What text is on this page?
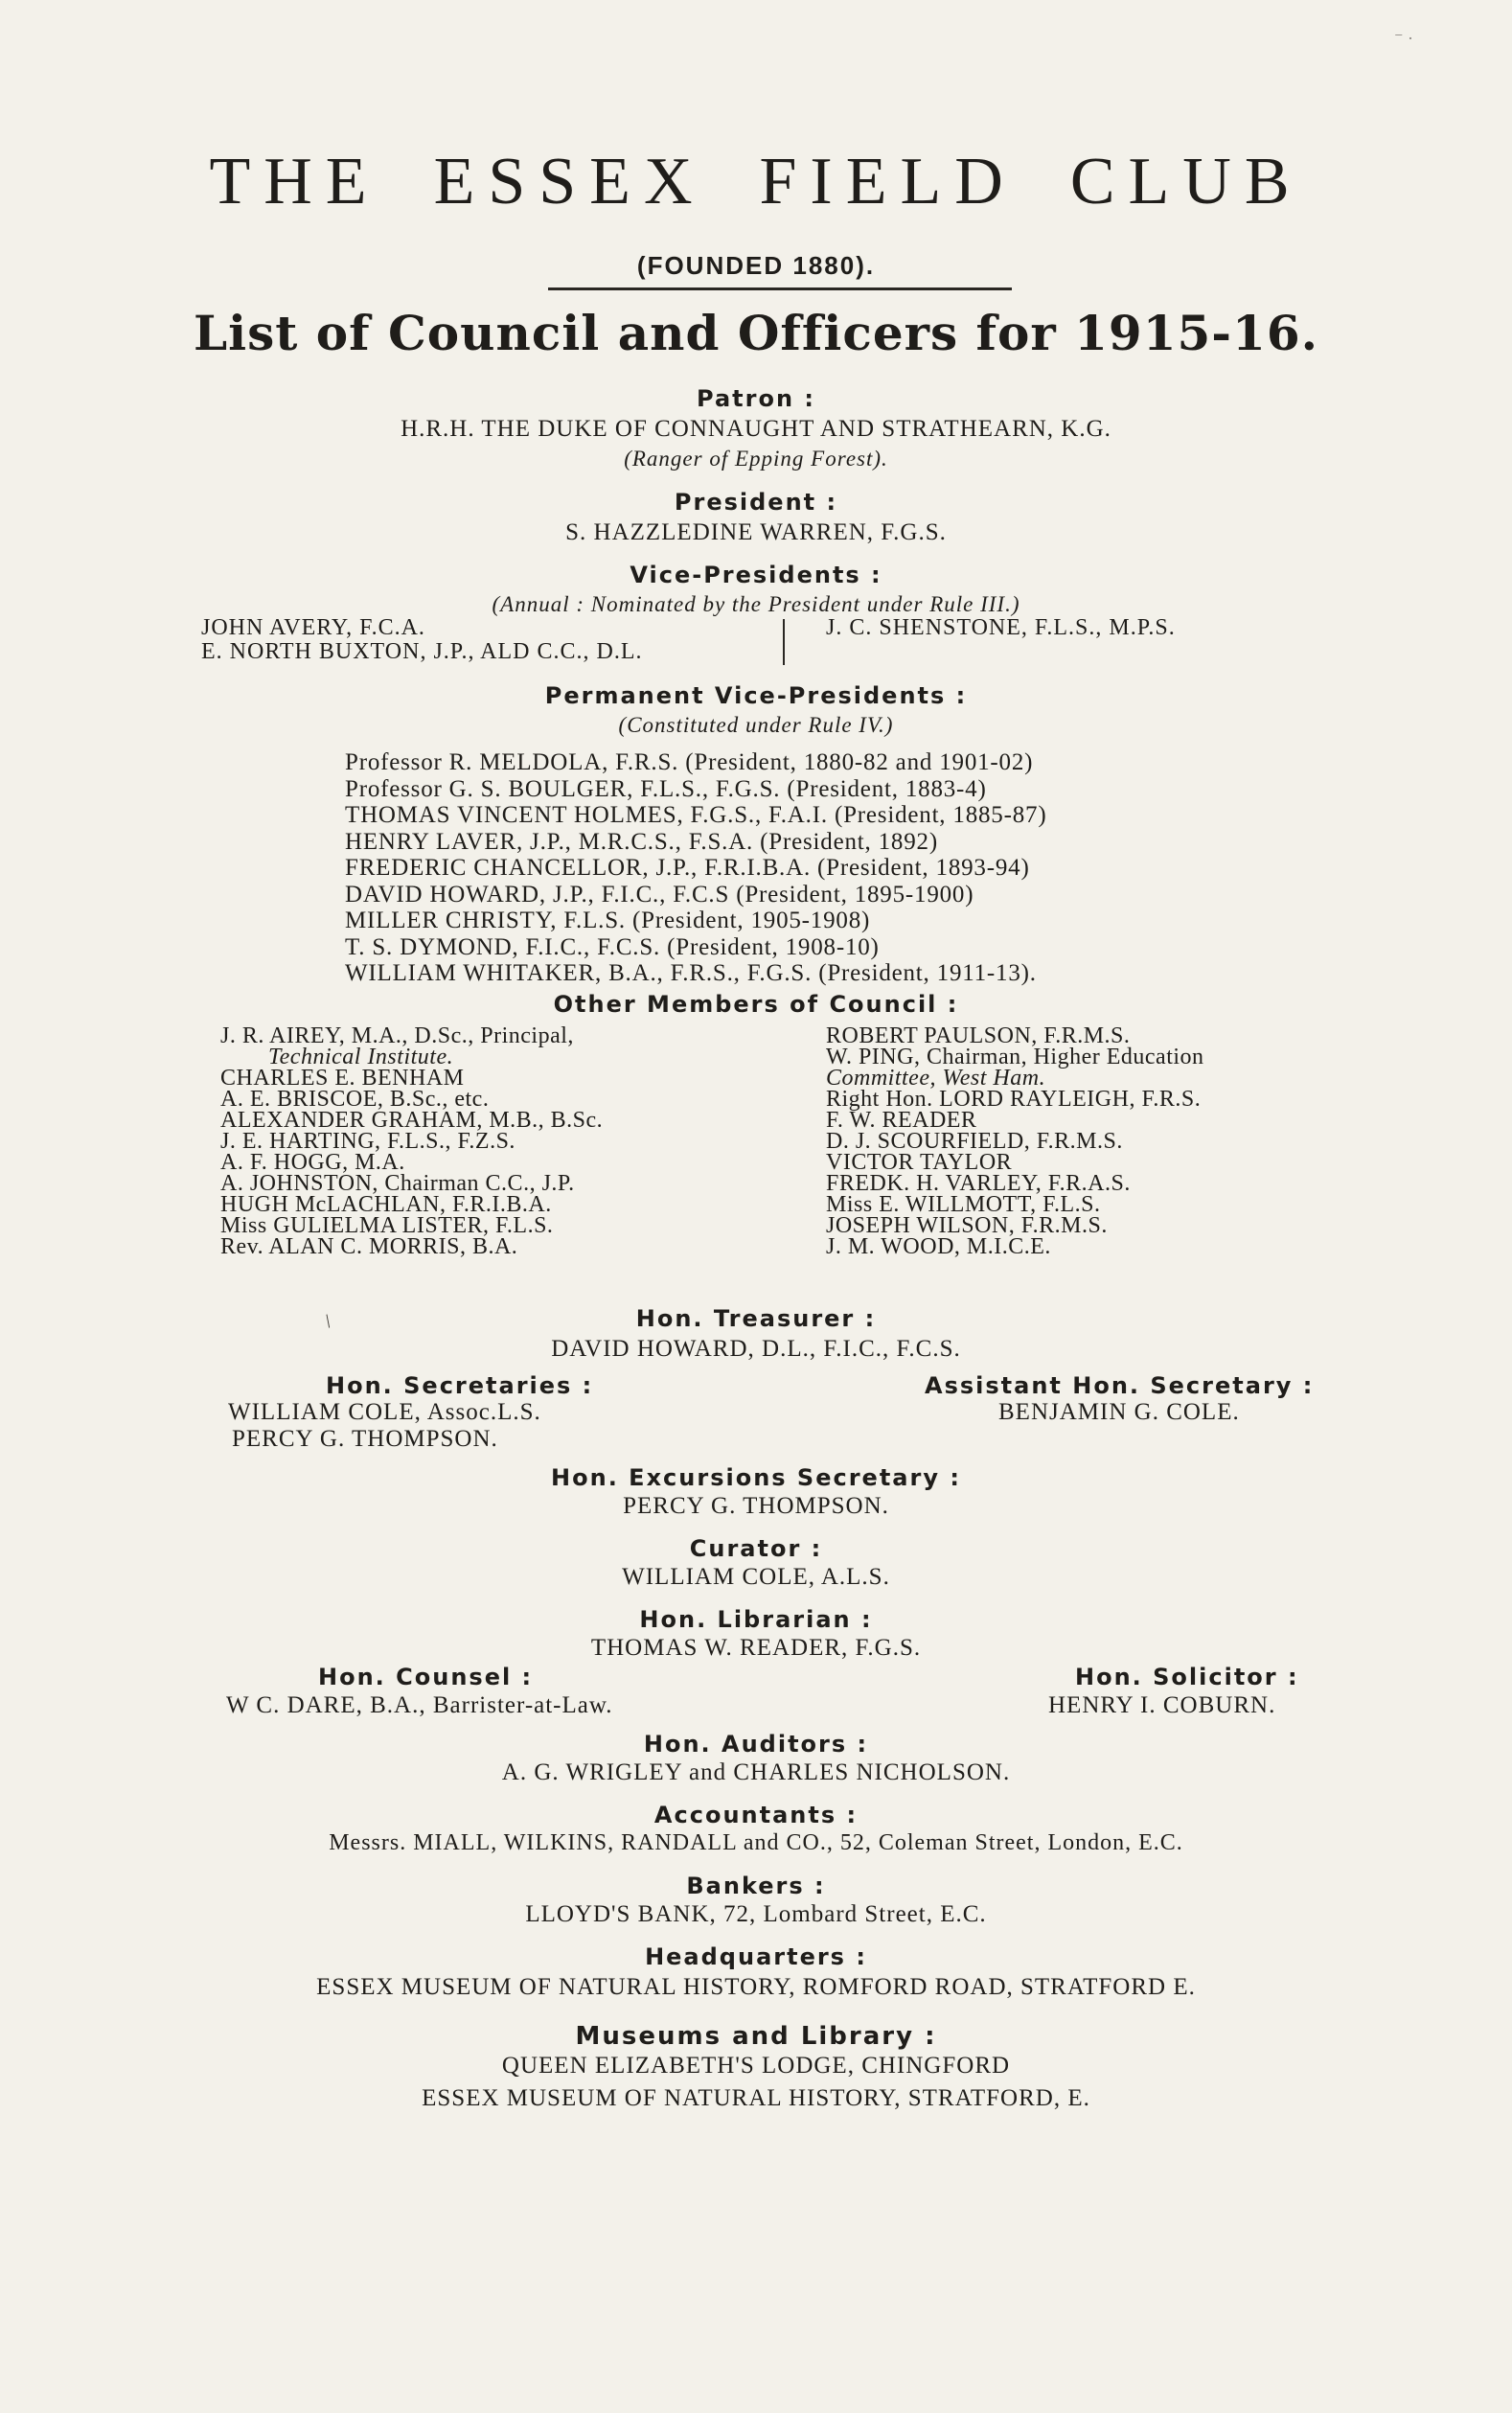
⁻ ·
THE ESSEX FIELD CLUB
(FOUNDED 1880).
List of Council and Officers for 1915-16.
Patron :
H.R.H. THE DUKE OF CONNAUGHT AND STRATHEARN, K.G.
(Ranger of Epping Forest).
President :
S. HAZZLEDINE WARREN, F.G.S.
Vice-Presidents :
(Annual : Nominated by the President under Rule III.)
JOHN AVERY, F.C.A.
E. NORTH BUXTON, J.P., ALD C.C., D.L.
J. C. SHENSTONE, F.L.S., M.P.S.
Permanent Vice-Presidents :
(Constituted under Rule IV.)
Professor R. MELDOLA, F.R.S. (President, 1880-82 and 1901-02)
Professor G. S. BOULGER, F.L.S., F.G.S. (President, 1883-4)
THOMAS VINCENT HOLMES, F.G.S., F.A.I. (President, 1885-87)
HENRY LAVER, J.P., M.R.C.S., F.S.A. (President, 1892)
FREDERIC CHANCELLOR, J.P., F.R.I.B.A. (President, 1893-94)
DAVID HOWARD, J.P., F.I.C., F.C.S (President, 1895-1900)
MILLER CHRISTY, F.L.S. (President, 1905-1908)
T. S. DYMOND, F.I.C., F.C.S. (President, 1908-10)
WILLIAM WHITAKER, B.A., F.R.S., F.G.S. (President, 1911-13).
Other Members of Council :
J. R. AIREY, M.A., D.Sc., Principal,
Technical Institute.
CHARLES E. BENHAM
A. E. BRISCOE, B.Sc., etc.
ALEXANDER GRAHAM, M.B., B.Sc.
J. E. HARTING, F.L.S., F.Z.S.
A. F. HOGG, M.A.
A. JOHNSTON, Chairman C.C., J.P.
HUGH McLACHLAN, F.R.I.B.A.
Miss GULIELMA LISTER, F.L.S.
Rev. ALAN C. MORRIS, B.A.
ROBERT PAULSON, F.R.M.S.
W. PING, Chairman, Higher Education
Committee, West Ham.
Right Hon. LORD RAYLEIGH, F.R.S.
F. W. READER
D. J. SCOURFIELD, F.R.M.S.
VICTOR TAYLOR
FREDK. H. VARLEY, F.R.A.S.
Miss E. WILLMOTT, F.L.S.
JOSEPH WILSON, F.R.M.S.
J. M. WOOD, M.I.C.E.
/	Hon. Treasurer :
DAVID HOWARD, D.L., F.I.C., F.C.S.
Hon. Secretaries :
WILLIAM COLE, Assoc.L.S.
PERCY G. THOMPSON.
Assistant Hon. Secretary :
BENJAMIN G. COLE.
Hon. Excursions Secretary :
PERCY G. THOMPSON.
Curator :
WILLIAM COLE, A.L.S.
Hon. Librarian :
THOMAS W. READER, F.G.S.
Hon. Counsel :
W C. DARE, B.A., Barrister-at-Law.
Hon. Solicitor :
HENRY I. COBURN.
Hon. Auditors :
A. G. WRIGLEY and CHARLES NICHOLSON.
Accountants :
Messrs. MIALL, WILKINS, RANDALL and CO., 52, Coleman Street, London, E.C.
Bankers :
LLOYD'S BANK, 72, Lombard Street, E.C.
Headquarters :
ESSEX MUSEUM OF NATURAL HISTORY, ROMFORD ROAD, STRATFORD E.
Museums and Library :
QUEEN ELIZABETH'S LODGE, CHINGFORD
ESSEX MUSEUM OF NATURAL HISTORY, STRATFORD, E.
